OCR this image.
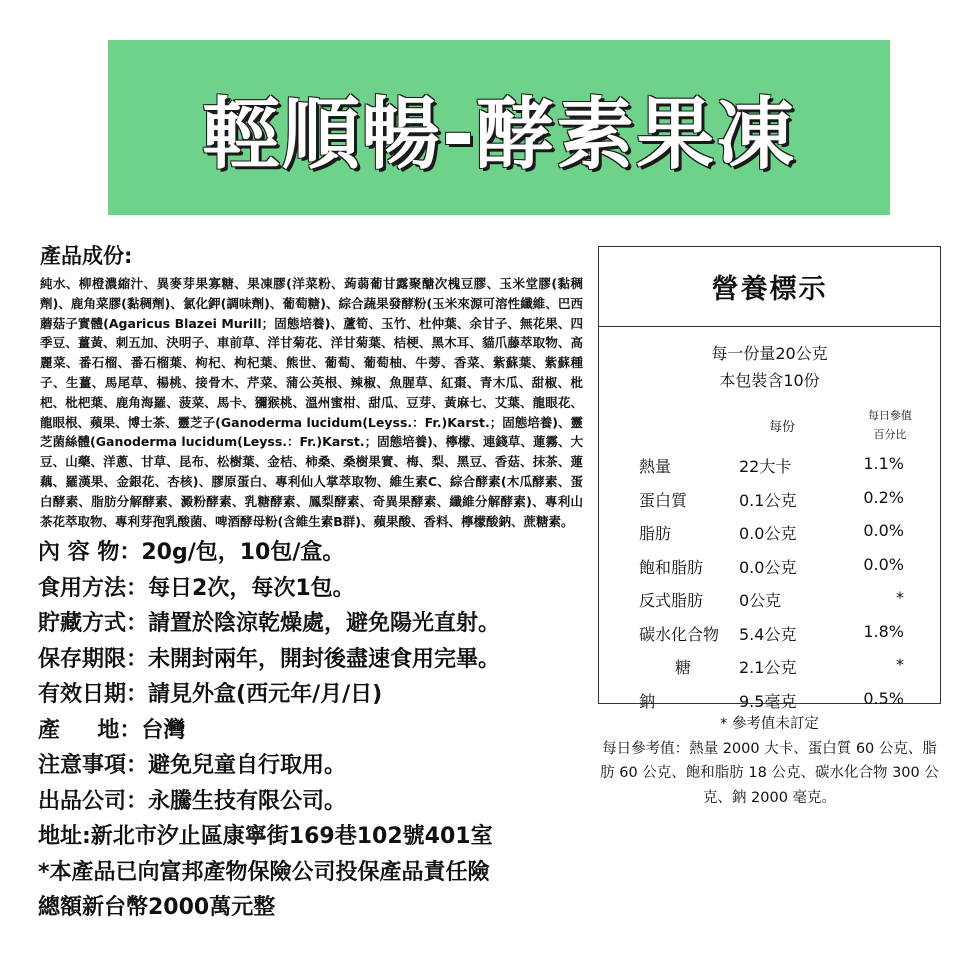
輕順暢-酵素果凍
產品成份:

純水、柳橙濃縮汁、異麥芽果寡糖、果凍膠(洋菜粉、蒟蒻葡甘露聚醣次槐豆膠、玉米堂膠(黏稠劑)、鹿角菜膠(黏稠劑)、氯化鉀(調味劑)、葡萄糖)、綜合蔬果發酵粉(玉米來源可溶性纖維、巴西蘑菇子實體(Agaricus Blazei Murill；固態培養)、蘆筍、玉竹、杜仲葉、余甘子、無花果、四季豆、薑黃、刺五加、決明子、車前草、洋甘菊花、洋甘菊葉、桔梗、黑木耳、貓爪藤萃取物、高麗菜、番石榴、番石榴葉、枸杞、枸杞葉、熊世、葡萄、葡萄柚、牛蒡、香菜、紫蘇葉、紫蘇種子、生薑、馬尾草、楊桃、接骨木、芹菜、蒲公英根、辣椒、魚腥草、紅棗、青木瓜、甜椒、枇杷、枇杷葉、鹿角海羅、菠菜、馬卡、獼猴桃、溫州蜜柑、甜瓜、豆芽、黃麻七、艾葉、龍眼花、龍眼根、蘋果、博士茶、靈芝子(Ganoderma lucidum(Leyss.：Fr.)Karst.；固態培養)、靈芝菌絲體(Ganoderma lucidum(Leyss.：Fr.)Karst.；固態培養)、檸檬、連錢草、蓮霧、大豆、山藥、洋蔥、甘草、昆布、松樹葉、金桔、柿桑、桑樹果實、梅、梨、黑豆、香菇、抹茶、蓮藕、羅漢果、金銀花、杏核)、膠原蛋白、專利仙人掌萃取物、維生素C、綜合酵素(木瓜酵素、蛋白酵素、脂肪分解酵素、澱粉酵素、乳糖酵素、鳳梨酵素、奇異果酵素、纖維分解酵素)、專利山茶花萃取物、專利芽孢乳酸菌、啤酒酵母粉(含維生素B群)、蘋果酸、香料、檸檬酸鈉、蔗糖素。

內 容 物：20g/包，10包/盒。
食用方法：每日2次，每次1包。
貯藏方式：請置於陰涼乾燥處，避免陽光直射。
保存期限：未開封兩年，開封後盡速食用完畢。
有效日期：請見外盒(西元年/月/日)
產 　 地：台灣
注意事項：避免兒童自行取用。
出品公司：永騰生技有限公司。
地址:新北市汐止區康寧街169巷102號401室
*本產品已向富邦產物保險公司投保產品責任險
總額新台幣2000萬元整
營養標示
每一份量20公克
本包裝含10份
每份
每日參值
百分比
熱量	22大卡	1.1%
蛋白質	0.1公克	0.2%
脂肪	0.0公克	0.0%
飽和脂肪 0.0公克	0.0%
反式脂肪 0公克	*
碳水化合物 5.4公克	1.8%
糖	2.1公克	*
鈉	9.5毫克	0.5%
* 參考值未訂定
每日參考值：熱量 2000 大卡、蛋白質 60 公克、脂肪 60 公克、飽和脂肪 18 公克、碳水化合物 300 公克、鈉 2000 毫克。
